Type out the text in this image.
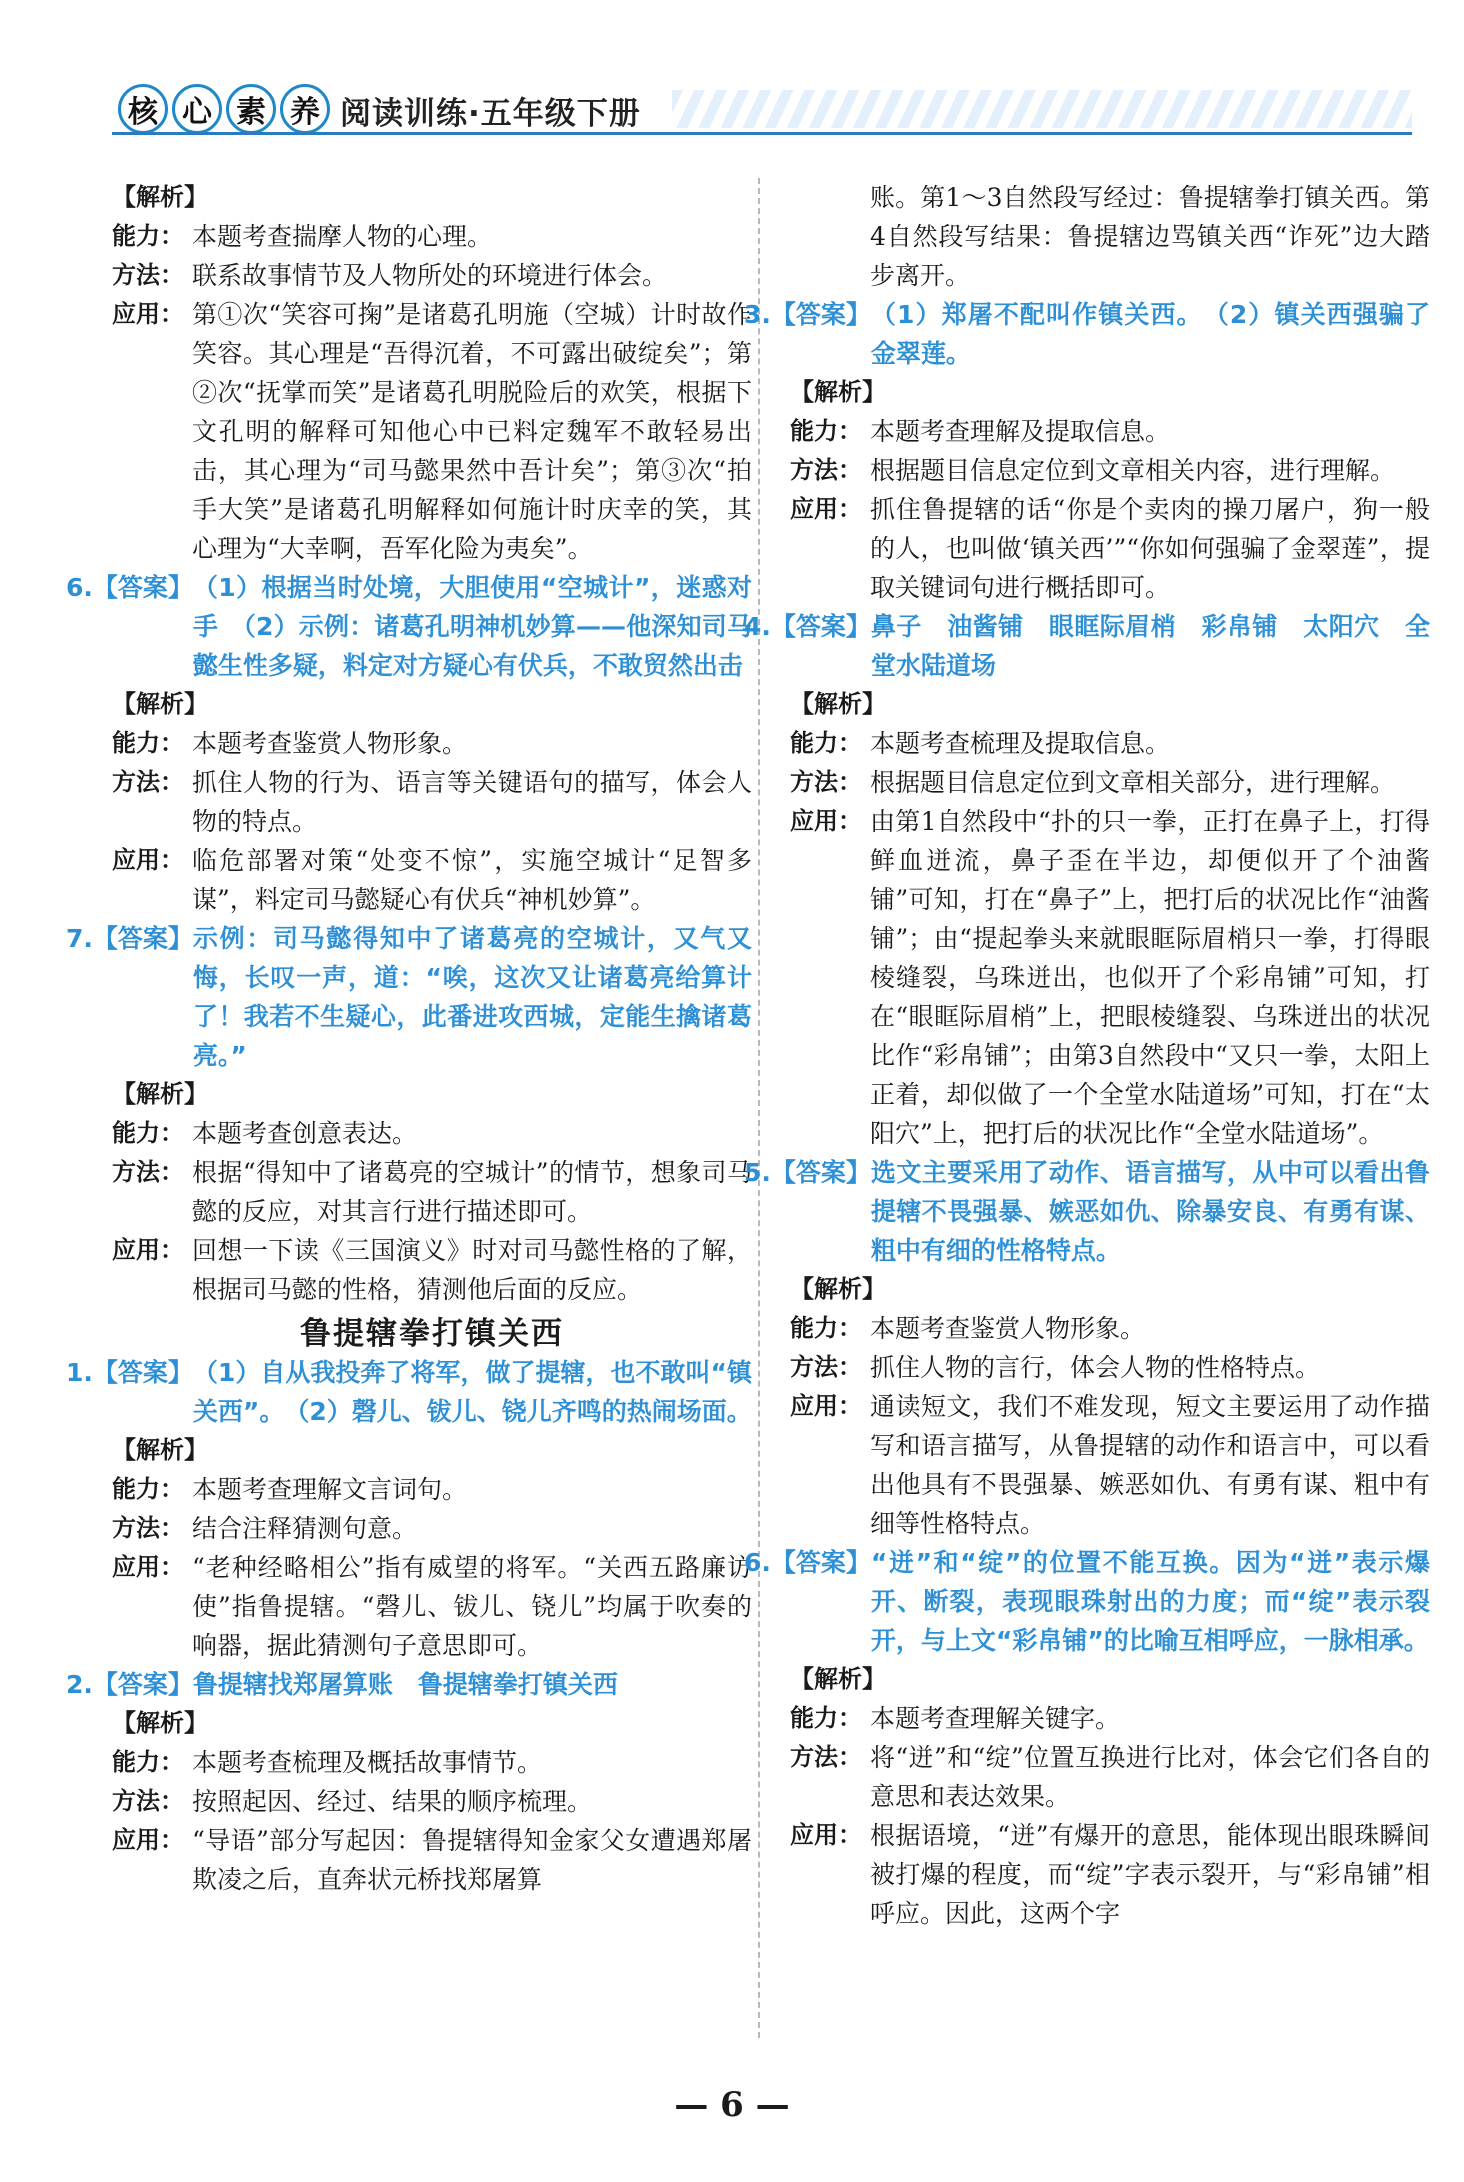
核 心 素 养 阅读训练·五年级下册
【解析】
能力： 本题考查揣摩人物的心理。
方法： 联系故事情节及人物所处的环境进行体会。
应用： 第①次“笑容可掬”是诸葛孔明施（空城）计时故作笑容。其心理是“吾得沉着，不可露出破绽矣”；第②次“抚掌而笑”是诸葛孔明脱险后的欢笑，根据下文孔明的解释可知他心中已料定魏军不敢轻易出击，其心理为“司马懿果然中吾计矣”；第③次“拍手大笑”是诸葛孔明解释如何施计时庆幸的笑，其心理为“大幸啊，吾军化险为夷矣”。
6.【答案】 （1）根据当时处境，大胆使用“空城计”，迷惑对手　（2）示例：诸葛孔明神机妙算——他深知司马懿生性多疑，料定对方疑心有伏兵，不敢贸然出击
【解析】
能力： 本题考查鉴赏人物形象。
方法： 抓住人物的行为、语言等关键语句的描写，体会人物的特点。
应用： 临危部署对策“处变不惊”，实施空城计“足智多谋”，料定司马懿疑心有伏兵“神机妙算”。
7.【答案】 示例：司马懿得知中了诸葛亮的空城计，又气又悔，长叹一声，道：“唉，这次又让诸葛亮给算计了！我若不生疑心，此番进攻西城，定能生擒诸葛亮。”
【解析】
能力： 本题考查创意表达。
方法： 根据“得知中了诸葛亮的空城计”的情节，想象司马懿的反应，对其言行进行描述即可。
应用： 回想一下读《三国演义》时对司马懿性格的了解，根据司马懿的性格，猜测他后面的反应。
鲁提辖拳打镇关西
1.【答案】 （1）自从我投奔了将军，做了提辖，也不敢叫“镇关西”。　（2）磬儿、钹儿、铙儿齐鸣的热闹场面。
【解析】
能力： 本题考查理解文言词句。
方法： 结合注释猜测句意。
应用： “老种经略相公”指有威望的将军。“关西五路廉访使”指鲁提辖。“磬儿、钹儿、铙儿”均属于吹奏的响器，据此猜测句子意思即可。
2.【答案】 鲁提辖找郑屠算账　鲁提辖拳打镇关西
【解析】
能力： 本题考查梳理及概括故事情节。
方法： 按照起因、经过、结果的顺序梳理。
应用： “导语”部分写起因：鲁提辖得知金家父女遭遇郑屠欺凌之后，直奔状元桥找郑屠算
账。第1～3自然段写经过：鲁提辖拳打镇关西。第4自然段写结果：鲁提辖边骂镇关西“诈死”边大踏步离开。
3.【答案】 （1）郑屠不配叫作镇关西。　（2）镇关西强骗了金翠莲。
【解析】
能力： 本题考查理解及提取信息。
方法： 根据题目信息定位到文章相关内容，进行理解。
应用： 抓住鲁提辖的话“你是个卖肉的操刀屠户，狗一般的人，也叫做‘镇关西’”“你如何强骗了金翠莲”，提取关键词句进行概括即可。
4.【答案】 鼻子　油酱铺　眼眶际眉梢　彩帛铺　太阳穴　全堂水陆道场
【解析】
能力： 本题考查梳理及提取信息。
方法： 根据题目信息定位到文章相关部分，进行理解。
应用： 由第1自然段中“扑的只一拳，正打在鼻子上，打得鲜血迸流，鼻子歪在半边，却便似开了个油酱铺”可知，打在“鼻子”上，把打后的状况比作“油酱铺”；由“提起拳头来就眼眶际眉梢只一拳，打得眼棱缝裂，乌珠迸出，也似开了个彩帛铺”可知，打在“眼眶际眉梢”上，把眼棱缝裂、乌珠迸出的状况比作“彩帛铺”；由第3自然段中“又只一拳，太阳上正着，却似做了一个全堂水陆道场”可知，打在“太阳穴”上，把打后的状况比作“全堂水陆道场”。
5.【答案】 选文主要采用了动作、语言描写，从中可以看出鲁提辖不畏强暴、嫉恶如仇、除暴安良、有勇有谋、粗中有细的性格特点。
【解析】
能力： 本题考查鉴赏人物形象。
方法： 抓住人物的言行，体会人物的性格特点。
应用： 通读短文，我们不难发现，短文主要运用了动作描写和语言描写，从鲁提辖的动作和语言中，可以看出他具有不畏强暴、嫉恶如仇、有勇有谋、粗中有细等性格特点。
6.【答案】 “迸”和“绽”的位置不能互换。因为“迸”表示爆开、断裂，表现眼珠射出的力度；而“绽”表示裂开，与上文“彩帛铺”的比喻互相呼应，一脉相承。
【解析】
能力： 本题考查理解关键字。
方法： 将“迸”和“绽”位置互换进行比对，体会它们各自的意思和表达效果。
应用： 根据语境，“迸”有爆开的意思，能体现出眼珠瞬间被打爆的程度，而“绽”字表示裂开，与“彩帛铺”相呼应。因此，这两个字
— 6 —
